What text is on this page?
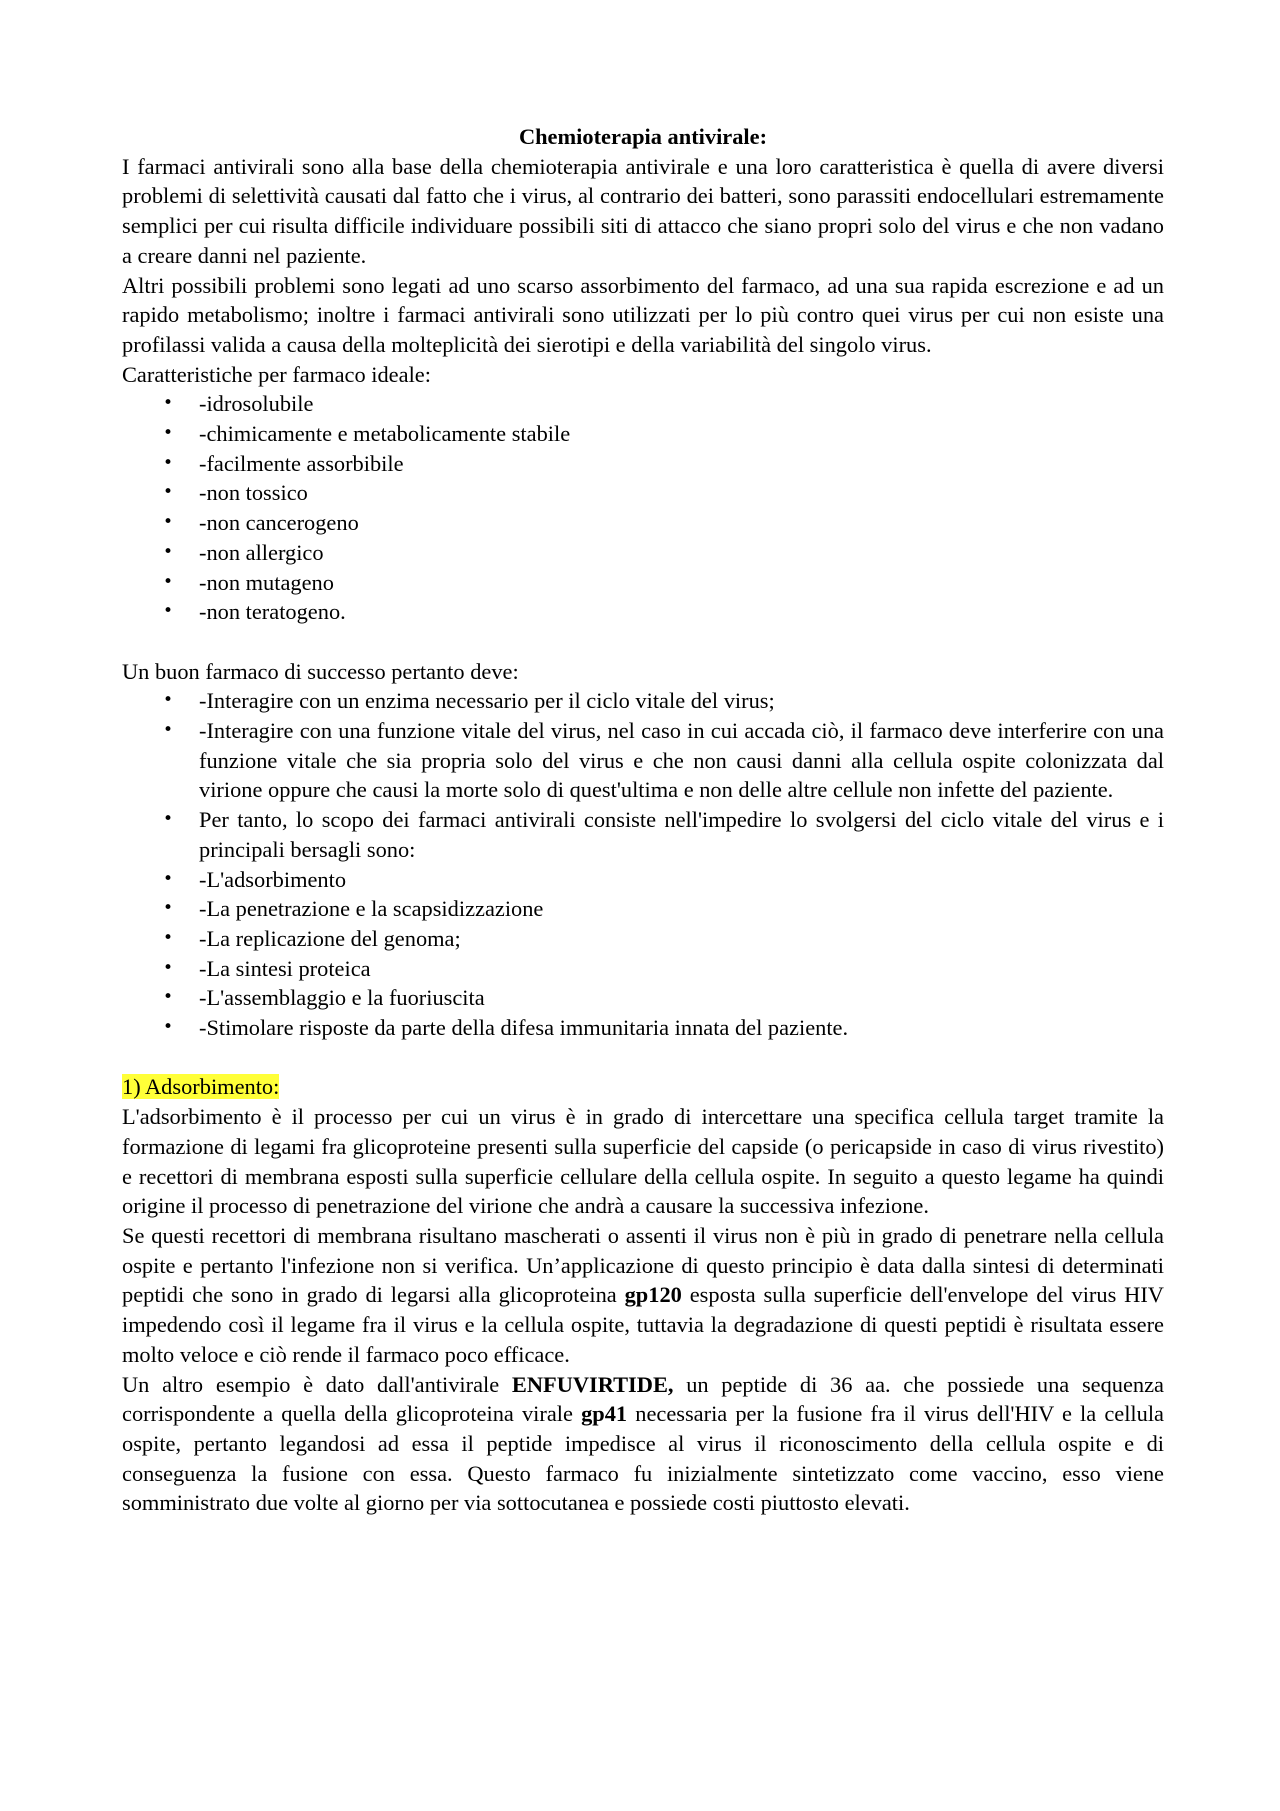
Chemioterapia antivirale:

I farmaci antivirali sono alla base della chemioterapia antivirale e una loro caratteristica è quella di avere diversi problemi di selettività causati dal fatto che i virus, al contrario dei batteri, sono parassiti endocellulari estremamente semplici per cui risulta difficile individuare possibili siti di attacco che siano propri solo del virus e che non vadano a creare danni nel paziente.

Altri possibili problemi sono legati ad uno scarso assorbimento del farmaco, ad una sua rapida escrezione e ad un rapido metabolismo; inoltre i farmaci antivirali sono utilizzati per lo più contro quei virus per cui non esiste una profilassi valida a causa della molteplicità dei sierotipi e della variabilità del singolo virus.

Caratteristiche per farmaco ideale:

• -idrosolubile
• -chimicamente e metabolicamente stabile
• -facilmente assorbibile
• -non tossico
• -non cancerogeno
• -non allergico
• -non mutageno
• -non teratogeno.

Un buon farmaco di successo pertanto deve:

• -Interagire con un enzima necessario per il ciclo vitale del virus;
• -Interagire con una funzione vitale del virus, nel caso in cui accada ciò, il farmaco deve interferire con una funzione vitale che sia propria solo del virus e che non causi danni alla cellula ospite colonizzata dal virione oppure che causi la morte solo di quest'ultima e non delle altre cellule non infette del paziente.
• Per tanto, lo scopo dei farmaci antivirali consiste nell'impedire lo svolgersi del ciclo vitale del virus e i principali bersagli sono:
• -L'adsorbimento
• -La penetrazione e la scapsidizzazione
• -La replicazione del genoma;
• -La sintesi proteica
• -L'assemblaggio e la fuoriuscita
• -Stimolare risposte da parte della difesa immunitaria innata del paziente.

1) Adsorbimento:

L'adsorbimento è il processo per cui un virus è in grado di intercettare una specifica cellula target tramite la formazione di legami fra glicoproteine presenti sulla superficie del capside (o pericapside in caso di virus rivestito) e recettori di membrana esposti sulla superficie cellulare della cellula ospite. In seguito a questo legame ha quindi origine il processo di penetrazione del virione che andrà a causare la successiva infezione.

Se questi recettori di membrana risultano mascherati o assenti il virus non è più in grado di penetrare nella cellula ospite e pertanto l'infezione non si verifica. Un’applicazione di questo principio è data dalla sintesi di determinati peptidi che sono in grado di legarsi alla glicoproteina gp120 esposta sulla superficie dell'envelope del virus HIV impedendo così il legame fra il virus e la cellula ospite, tuttavia la degradazione di questi peptidi è risultata essere molto veloce e ciò rende il farmaco poco efficace.

Un altro esempio è dato dall'antivirale ENFUVIRTIDE, un peptide di 36 aa. che possiede una sequenza corrispondente a quella della glicoproteina virale gp41 necessaria per la fusione fra il virus dell'HIV e la cellula ospite, pertanto legandosi ad essa il peptide impedisce al virus il riconoscimento della cellula ospite e di conseguenza la fusione con essa. Questo farmaco fu inizialmente sintetizzato come vaccino, esso viene somministrato due volte al giorno per via sottocutanea e possiede costi piuttosto elevati.
